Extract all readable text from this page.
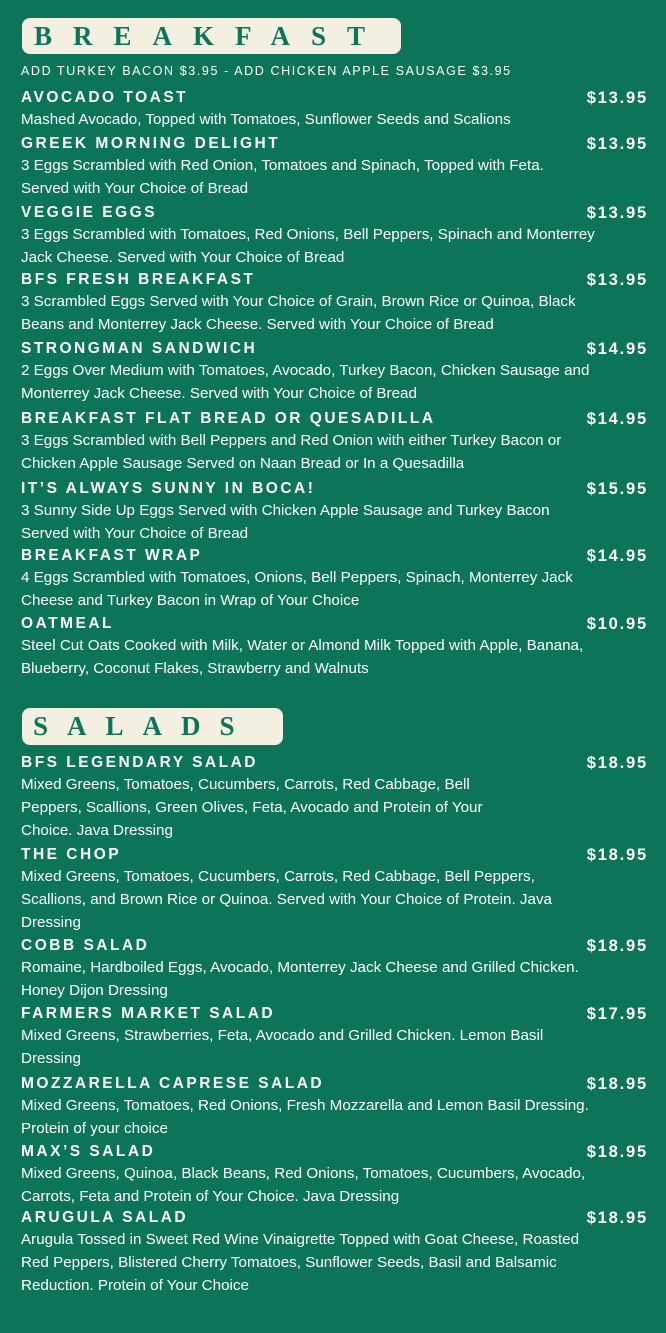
BREAKFAST
ADD TURKEY BACON $3.95 - ADD CHICKEN APPLE SAUSAGE $3.95
AVOCADO TOAST	$13.95
Mashed Avocado, Topped with Tomatoes, Sunflower Seeds and Scalions
GREEK MORNING DELIGHT	$13.95
3 Eggs Scrambled with Red Onion, Tomatoes and Spinach, Topped with Feta. Served with Your Choice of Bread
VEGGIE EGGS	$13.95
3 Eggs Scrambled with Tomatoes, Red Onions, Bell Peppers, Spinach and Monterrey Jack Cheese. Served with Your Choice of Bread
BFS FRESH BREAKFAST	$13.95
3 Scrambled Eggs Served with Your Choice of Grain, Brown Rice or Quinoa, Black Beans and Monterrey Jack Cheese. Served with Your Choice of Bread
STRONGMAN SANDWICH	$14.95
2 Eggs Over Medium with Tomatoes, Avocado, Turkey Bacon, Chicken Sausage and Monterrey Jack Cheese. Served with Your Choice of Bread
BREAKFAST FLAT BREAD OR QUESADILLA	$14.95
3 Eggs Scrambled with Bell Peppers and Red Onion with either Turkey Bacon or Chicken Apple Sausage Served on Naan Bread or In a Quesadilla
IT’S ALWAYS SUNNY IN BOCA!	$15.95
3 Sunny Side Up Eggs Served with Chicken Apple Sausage and Turkey Bacon Served with Your Choice of Bread
BREAKFAST WRAP	$14.95
4 Eggs Scrambled with Tomatoes, Onions, Bell Peppers, Spinach, Monterrey Jack Cheese and Turkey Bacon in Wrap of Your Choice
OATMEAL	$10.95
Steel Cut Oats Cooked with Milk, Water or Almond Milk Topped with Apple, Banana, Blueberry, Coconut Flakes, Strawberry and Walnuts
SALADS
BFS LEGENDARY SALAD	$18.95
Mixed Greens, Tomatoes, Cucumbers, Carrots, Red Cabbage, Bell Peppers, Scallions, Green Olives, Feta, Avocado and Protein of Your Choice. Java Dressing
THE CHOP	$18.95
Mixed Greens, Tomatoes, Cucumbers, Carrots, Red Cabbage, Bell Peppers, Scallions, and Brown Rice or Quinoa. Served with Your Choice of Protein. Java Dressing
COBB SALAD	$18.95
Romaine, Hardboiled Eggs, Avocado, Monterrey Jack Cheese and Grilled Chicken. Honey Dijon Dressing
FARMERS MARKET SALAD	$17.95
Mixed Greens, Strawberries, Feta, Avocado and Grilled Chicken. Lemon Basil Dressing
MOZZARELLA CAPRESE SALAD	$18.95
Mixed Greens, Tomatoes, Red Onions, Fresh Mozzarella and Lemon Basil Dressing. Protein of your choice
MAX’S SALAD	$18.95
Mixed Greens, Quinoa, Black Beans, Red Onions, Tomatoes, Cucumbers, Avocado, Carrots, Feta and Protein of Your Choice. Java Dressing
ARUGULA SALAD	$18.95
Arugula Tossed in Sweet Red Wine Vinaigrette Topped with Goat Cheese, Roasted Red Peppers, Blistered Cherry Tomatoes, Sunflower Seeds, Basil and Balsamic Reduction. Protein of Your Choice
